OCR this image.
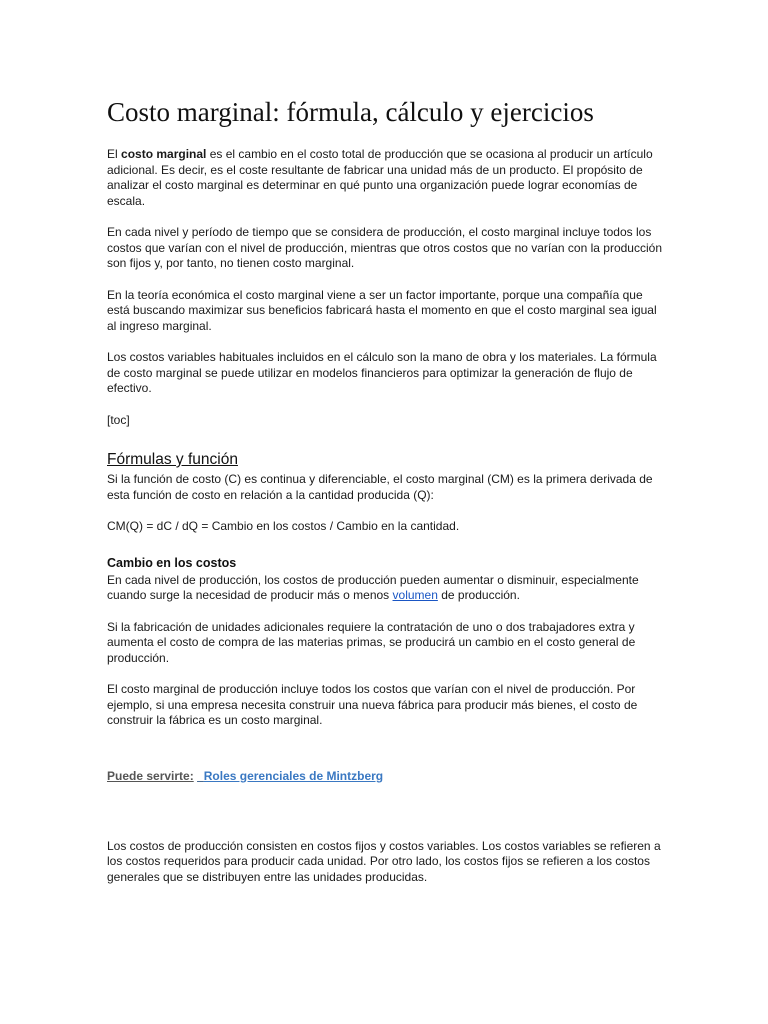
Costo marginal: fórmula, cálculo y ejercicios

El costo marginal es el cambio en el costo total de producción que se ocasiona al producir un artículo adicional. Es decir, es el coste resultante de fabricar una unidad más de un producto. El propósito de analizar el costo marginal es determinar en qué punto una organización puede lograr economías de escala.

En cada nivel y período de tiempo que se considera de producción, el costo marginal incluye todos los costos que varían con el nivel de producción, mientras que otros costos que no varían con la producción son fijos y, por tanto, no tienen costo marginal.

En la teoría económica el costo marginal viene a ser un factor importante, porque una compañía que está buscando maximizar sus beneficios fabricará hasta el momento en que el costo marginal sea igual al ingreso marginal.

Los costos variables habituales incluidos en el cálculo son la mano de obra y los materiales. La fórmula de costo marginal se puede utilizar en modelos financieros para optimizar la generación de flujo de efectivo.

[toc]

Fórmulas y función

Si la función de costo (C) es continua y diferenciable, el costo marginal (CM) es la primera derivada de esta función de costo en relación a la cantidad producida (Q):

CM(Q) = dC / dQ = Cambio en los costos / Cambio en la cantidad.

Cambio en los costos

En cada nivel de producción, los costos de producción pueden aumentar o disminuir, especialmente cuando surge la necesidad de producir más o menos volumen de producción.

Si la fabricación de unidades adicionales requiere la contratación de uno o dos trabajadores extra y aumenta el costo de compra de las materias primas, se producirá un cambio en el costo general de producción.

El costo marginal de producción incluye todos los costos que varían con el nivel de producción. Por ejemplo, si una empresa necesita construir una nueva fábrica para producir más bienes, el costo de construir la fábrica es un costo marginal.

Puede servirte: _Roles gerenciales de Mintzberg

Los costos de producción consisten en costos fijos y costos variables. Los costos variables se refieren a los costos requeridos para producir cada unidad. Por otro lado, los costos fijos se refieren a los costos generales que se distribuyen entre las unidades producidas.
